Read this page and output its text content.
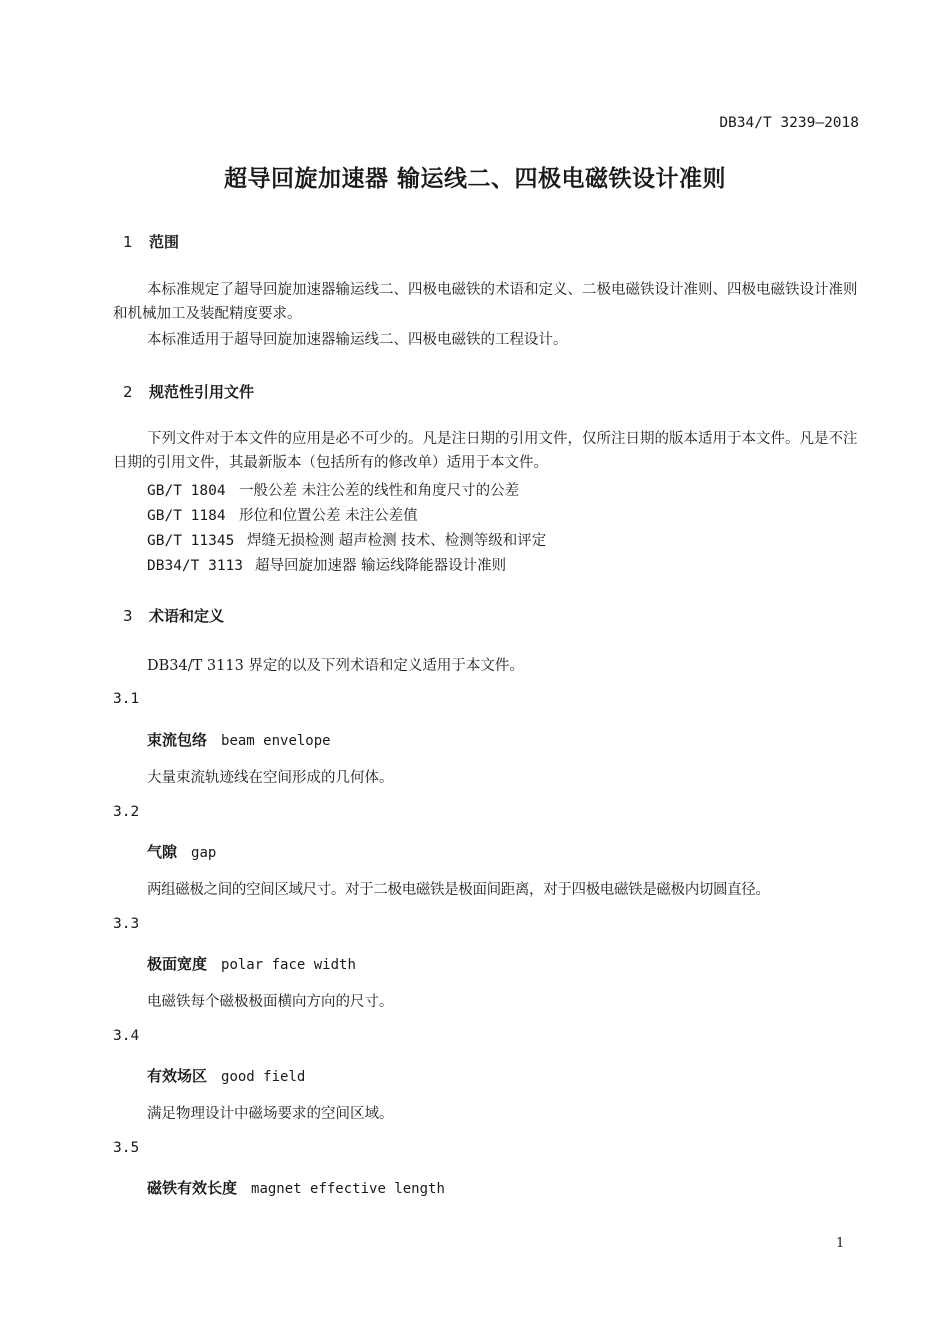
DB34/T 3239—2018
超导回旋加速器 输运线二、四极电磁铁设计准则
1 范围
本标准规定了超导回旋加速器输运线二、四极电磁铁的术语和定义、二极电磁铁设计准则、四极电磁铁设计准则和机械加工及装配精度要求。
本标准适用于超导回旋加速器输运线二、四极电磁铁的工程设计。
2 规范性引用文件
下列文件对于本文件的应用是必不可少的。凡是注日期的引用文件，仅所注日期的版本适用于本文件。凡是不注日期的引用文件，其最新版本（包括所有的修改单）适用于本文件。
GB/T 1804 一般公差 未注公差的线性和角度尺寸的公差
GB/T 1184 形位和位置公差 未注公差值
GB/T 11345 焊缝无损检测 超声检测 技术、检测等级和评定
DB34/T 3113 超导回旋加速器 输运线降能器设计准则
3 术语和定义
DB34/T 3113 界定的以及下列术语和定义适用于本文件。
3.1
束流包络 beam envelope
大量束流轨迹线在空间形成的几何体。
3.2
气隙 gap
两组磁极之间的空间区域尺寸。对于二极电磁铁是极面间距离，对于四极电磁铁是磁极内切圆直径。
3.3
极面宽度 polar face width
电磁铁每个磁极极面横向方向的尺寸。
3.4
有效场区 good field
满足物理设计中磁场要求的空间区域。
3.5
磁铁有效长度 magnet effective length
1
